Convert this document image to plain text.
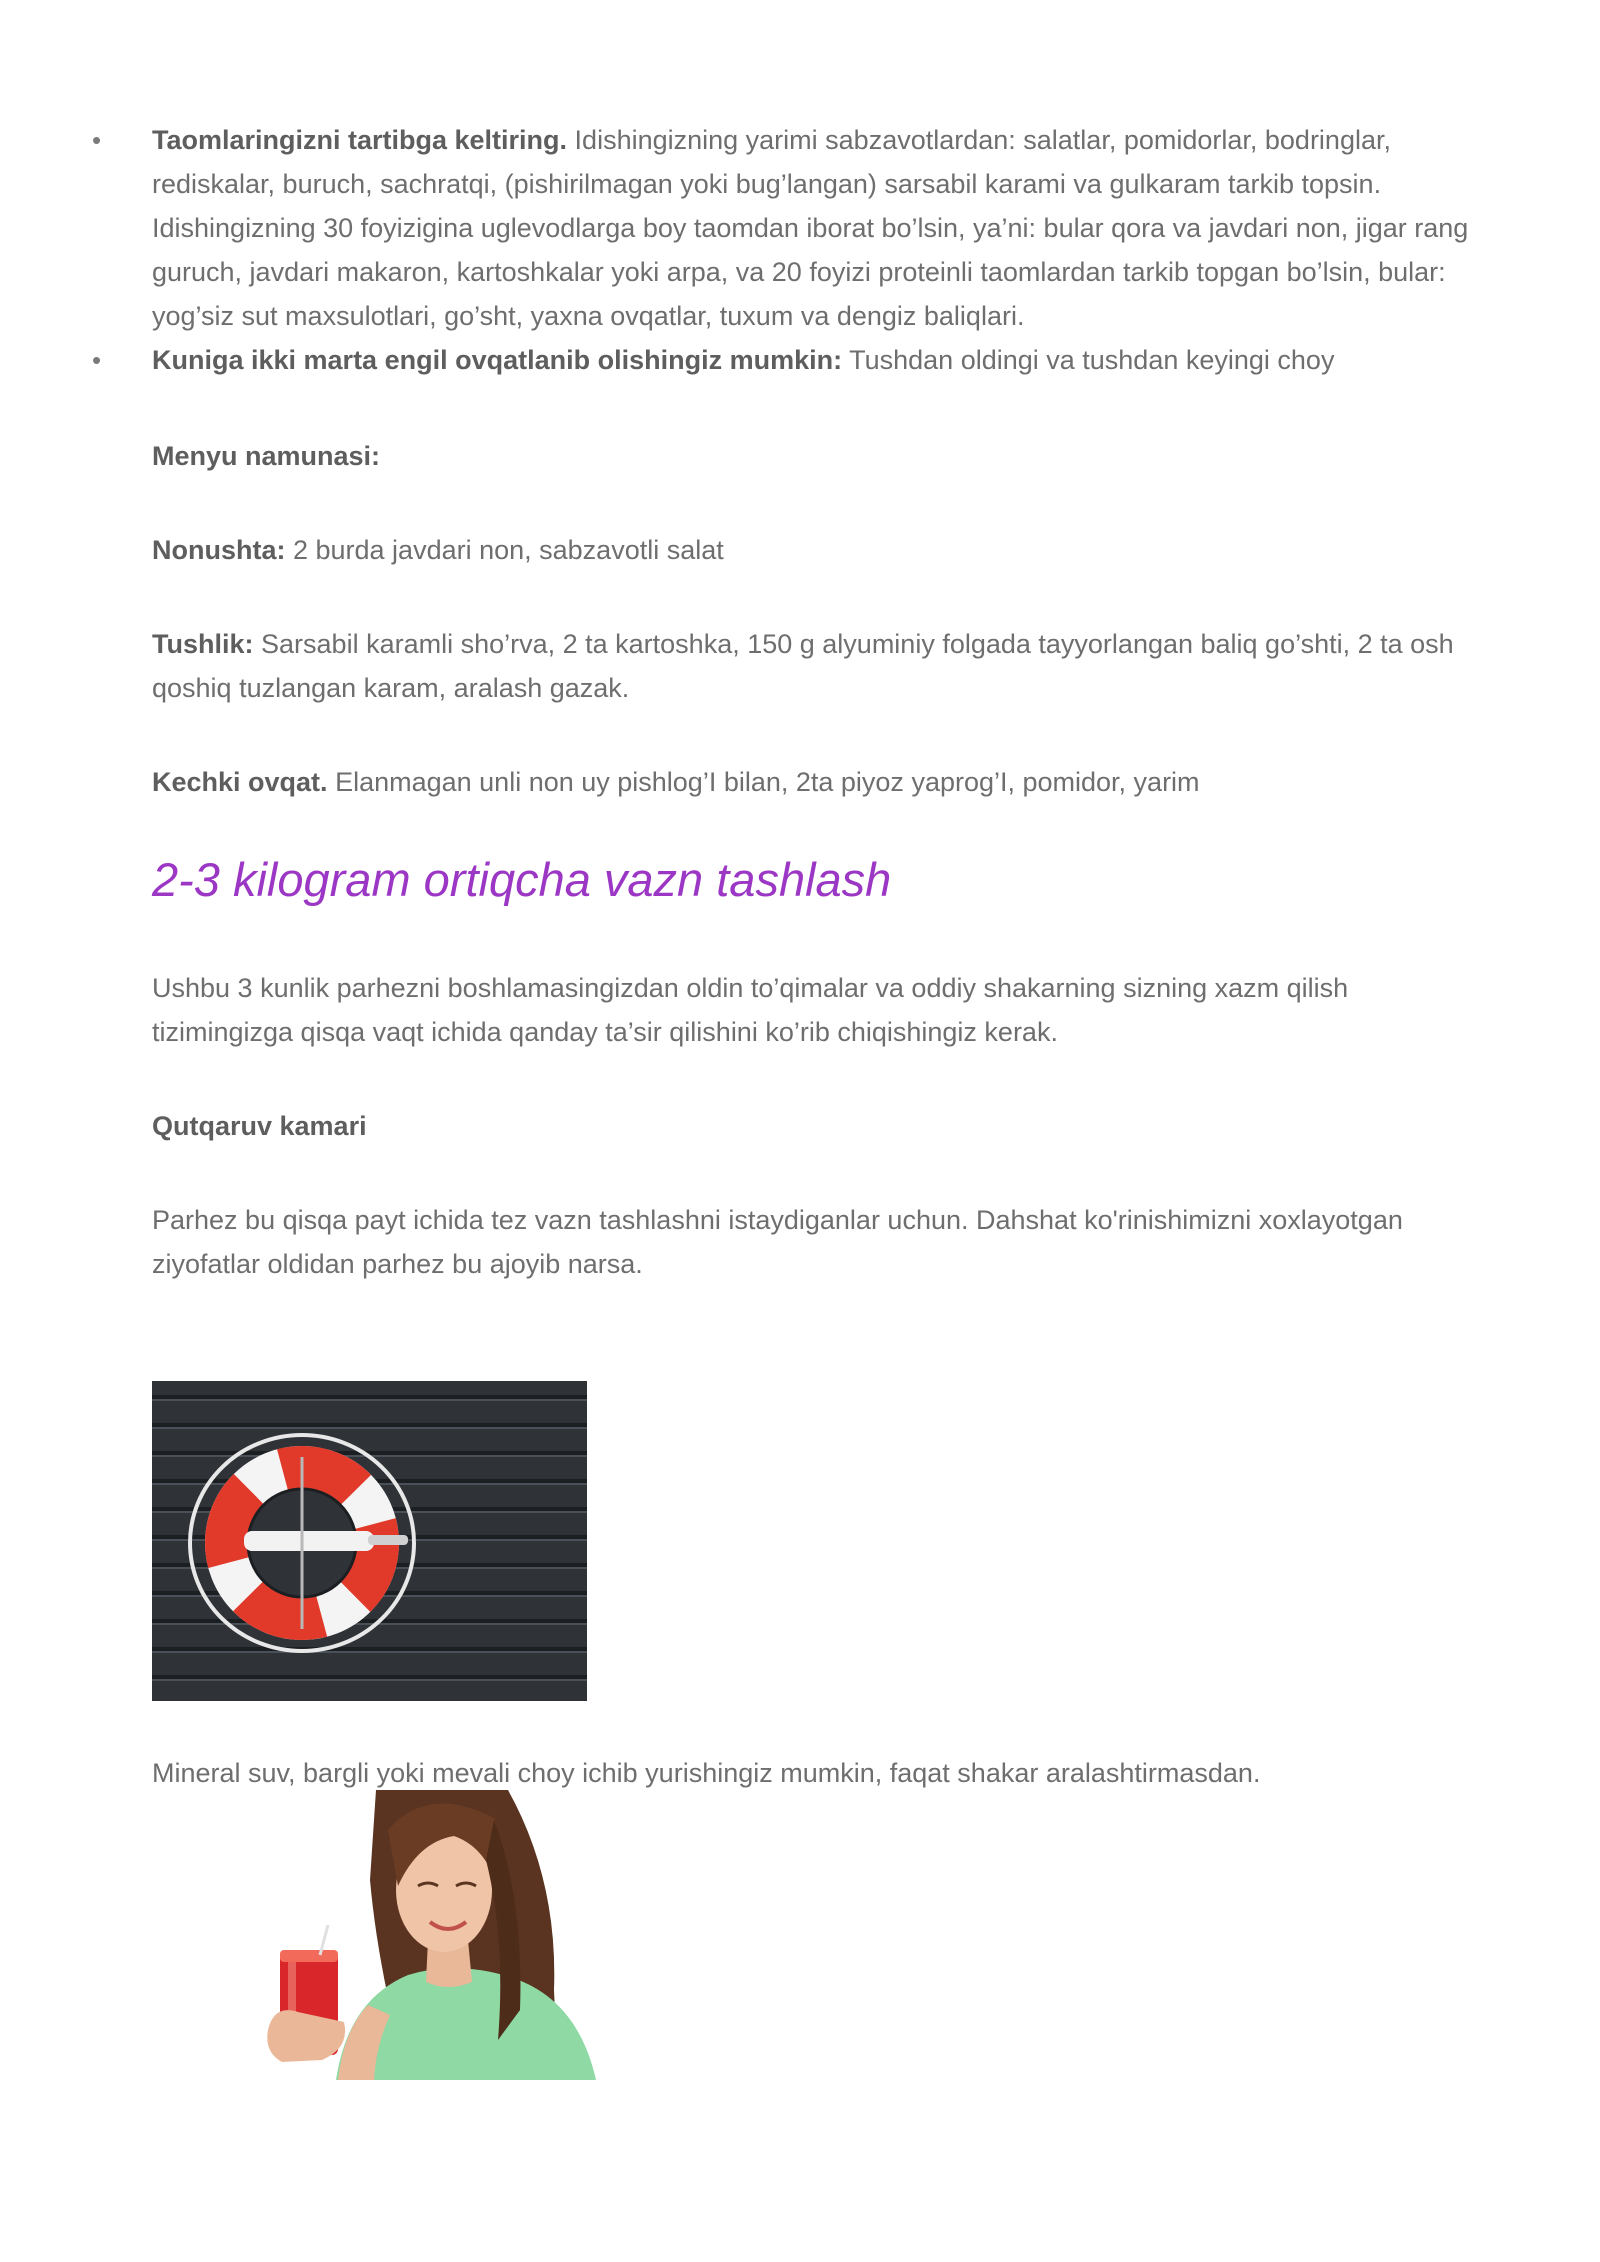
• Taomlaringizni tartibga keltiring. Idishingizning yarimi sabzavotlardan: salatlar, pomidorlar, bodringlar, rediskalar, buruch, sachratqi, (pishirilmagan yoki bug’langan) sarsabil karami va gulkaram tarkib topsin. Idishingizning 30 foyizigina uglevodlarga boy taomdan iborat bo’lsin, ya’ni: bular qora va javdari non, jigar rang guruch, javdari makaron, kartoshkalar yoki arpa, va 20 foyizi proteinli taomlardan tarkib topgan bo’lsin, bular: yog’siz sut maxsulotlari, go’sht, yaxna ovqatlar, tuxum va dengiz baliqlari.
• Kuniga ikki marta engil ovqatlanib olishingiz mumkin: Tushdan oldingi va tushdan keyingi choy

Menyu namunasi:

Nonushta: 2 burda javdari non, sabzavotli salat

Tushlik: Sarsabil karamli sho’rva, 2 ta kartoshka, 150 g alyuminiy folgada tayyorlangan baliq go’shti, 2 ta osh qoshiq tuzlangan karam, aralash gazak.

Kechki ovqat. Elanmagan unli non uy pishlog’I bilan, 2ta piyoz yaprog’I, pomidor, yarim

2-3 kilogram ortiqcha vazn tashlash

Ushbu 3 kunlik parhezni boshlamasingizdan oldin to’qimalar va oddiy shakarning sizning xazm qilish tizimingizga qisqa vaqt ichida qanday ta’sir qilishini ko’rib chiqishingiz kerak.

Qutqaruv kamari

Parhez bu qisqa payt ichida tez vazn tashlashni istaydiganlar uchun. Dahshat ko'rinishimizni xoxlayotgan ziyofatlar oldidan parhez bu ajoyib narsa.

Mineral suv, bargli yoki mevali choy ichib yurishingiz mumkin, faqat shakar aralashtirmasdan.
